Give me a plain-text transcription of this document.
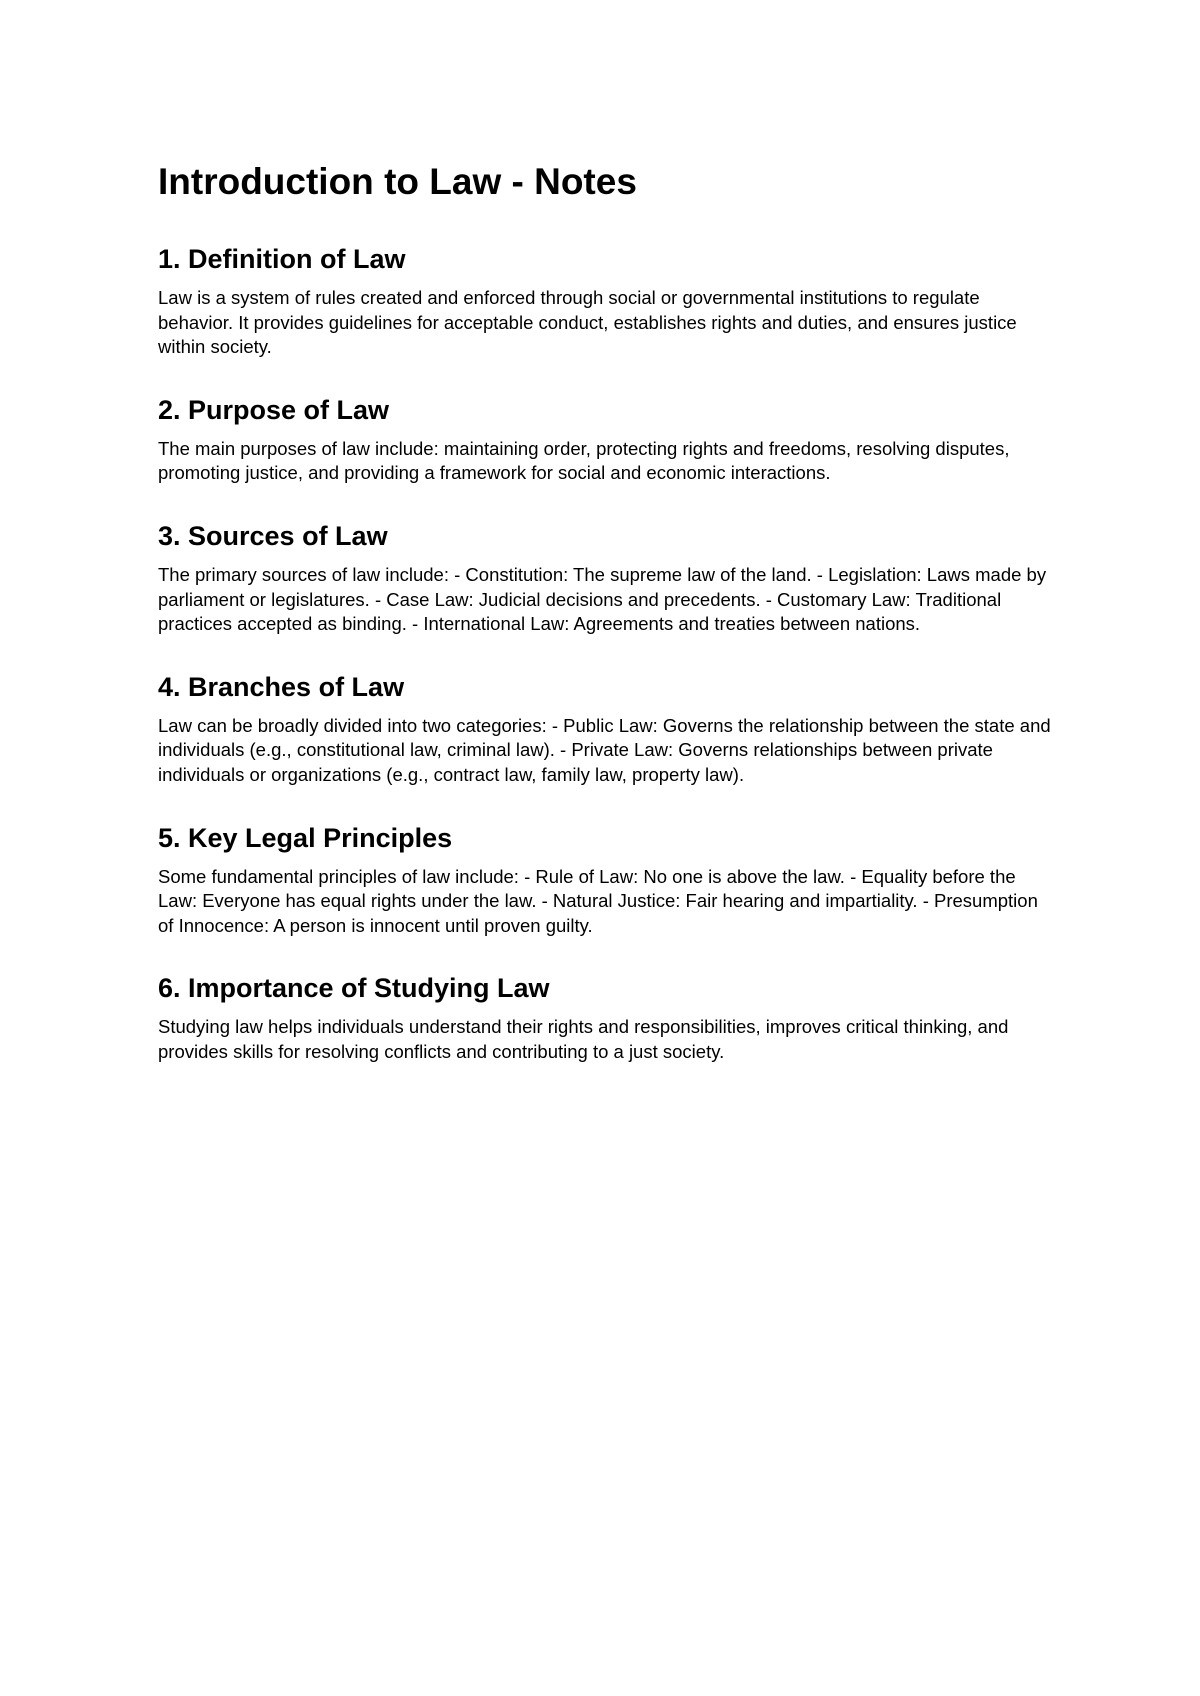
Introduction to Law - Notes
1. Definition of Law

Law is a system of rules created and enforced through social or governmental institutions to regulate behavior. It provides guidelines for acceptable conduct, establishes rights and duties, and ensures justice within society.

2. Purpose of Law

The main purposes of law include: maintaining order, protecting rights and freedoms, resolving disputes, promoting justice, and providing a framework for social and economic interactions.

3. Sources of Law

The primary sources of law include: - Constitution: The supreme law of the land. - Legislation: Laws made by parliament or legislatures. - Case Law: Judicial decisions and precedents. - Customary Law: Traditional practices accepted as binding. - International Law: Agreements and treaties between nations.

4. Branches of Law

Law can be broadly divided into two categories: - Public Law: Governs the relationship between the state and individuals (e.g., constitutional law, criminal law). - Private Law: Governs relationships between private individuals or organizations (e.g., contract law, family law, property law).

5. Key Legal Principles

Some fundamental principles of law include: - Rule of Law: No one is above the law. - Equality before the Law: Everyone has equal rights under the law. - Natural Justice: Fair hearing and impartiality. - Presumption of Innocence: A person is innocent until proven guilty.

6. Importance of Studying Law

Studying law helps individuals understand their rights and responsibilities, improves critical thinking, and provides skills for resolving conflicts and contributing to a just society.
